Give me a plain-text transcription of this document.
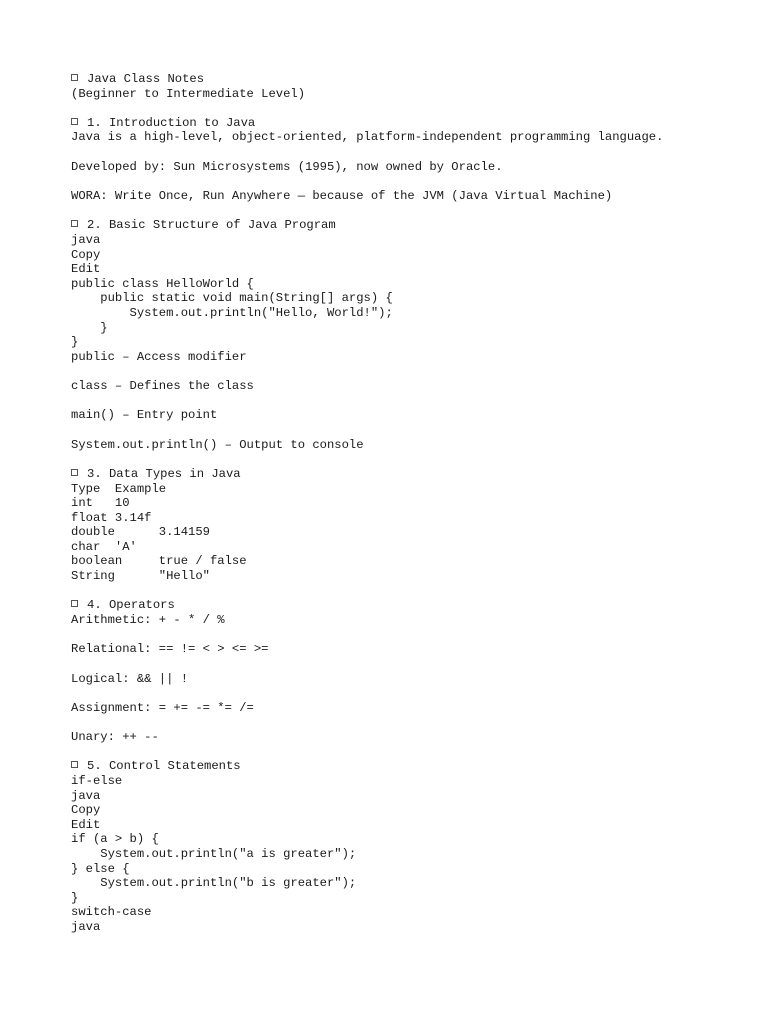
Java Class Notes
(Beginner to Intermediate Level)
1. Introduction to Java
Java is a high-level, object-oriented, platform-independent programming language.
Developed by: Sun Microsystems (1995), now owned by Oracle.
WORA: Write Once, Run Anywhere — because of the JVM (Java Virtual Machine)
2. Basic Structure of Java Program
java
Copy
Edit
public class HelloWorld {
public static void main(String[] args) {
System.out.println("Hello, World!");
}
}
public – Access modifier
class – Defines the class
main() – Entry point
System.out.println() – Output to console
3. Data Types in Java
Type  Example
int   10
float 3.14f
double      3.14159
char  'A'
boolean     true / false
String      "Hello"
4. Operators
Arithmetic: + - * / %
Relational: == != < > <= >=
Logical: && || !
Assignment: = += -= *= /=
Unary: ++ --
5. Control Statements
if-else
java
Copy
Edit
if (a > b) {
System.out.println("a is greater");
} else {
System.out.println("b is greater");
}
switch-case
java
